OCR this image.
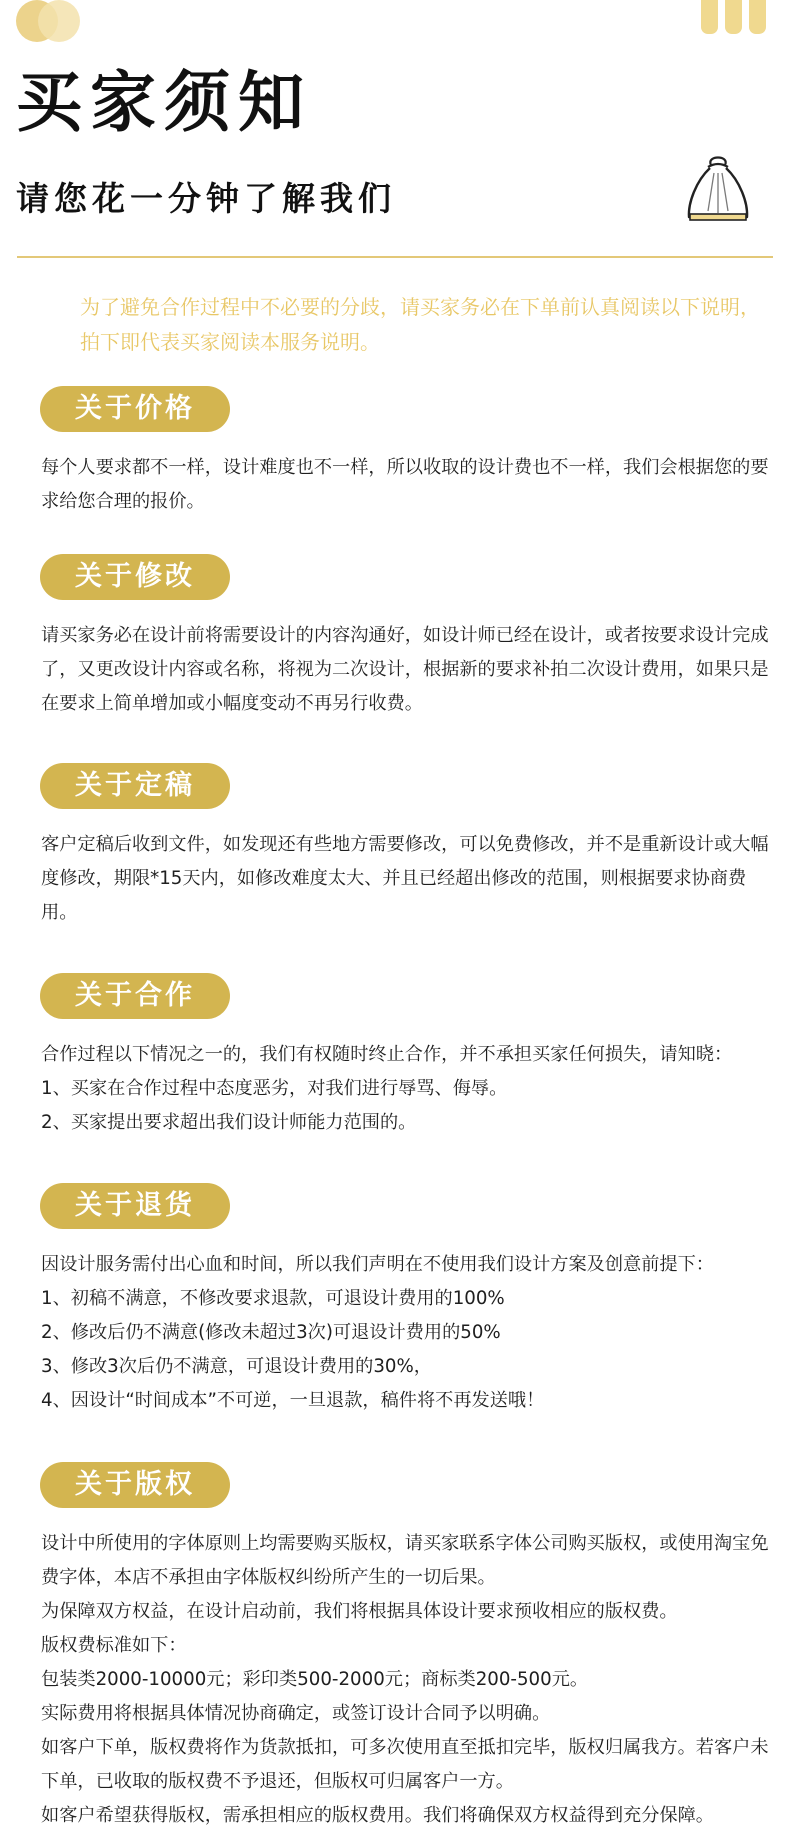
买家须知
请您花一分钟了解我们

为了避免合作过程中不必要的分歧，请买家务必在下单前认真阅读以下说明，拍下即代表买家阅读本服务说明。

关于价格

每个人要求都不一样，设计难度也不一样，所以收取的设计费也不一样，我们会根据您的要求给您合理的报价。

关于修改

请买家务必在设计前将需要设计的内容沟通好，如设计师已经在设计，或者按要求设计完成了，又更改设计内容或名称，将视为二次设计，根据新的要求补拍二次设计费用，如果只是在要求上简单增加或小幅度变动不再另行收费。

关于定稿

客户定稿后收到文件，如发现还有些地方需要修改，可以免费修改，并不是重新设计或大幅度修改，期限*15天内，如修改难度太大、并且已经超出修改的范围，则根据要求协商费用。

关于合作

合作过程以下情况之一的，我们有权随时终止合作，并不承担买家任何损失，请知晓：

1、买家在合作过程中态度恶劣，对我们进行辱骂、侮辱。

2、买家提出要求超出我们设计师能力范围的。

关于退货

因设计服务需付出心血和时间，所以我们声明在不使用我们设计方案及创意前提下：

1、初稿不满意，不修改要求退款，可退设计费用的100%

2、修改后仍不满意(修改未超过3次)可退设计费用的50%

3、修改3次后仍不满意，可退设计费用的30%，

4、因设计“时间成本”不可逆，一旦退款，稿件将不再发送哦！

关于版权

设计中所使用的字体原则上均需要购买版权，请买家联系字体公司购买版权，或使用淘宝免费字体，本店不承担由字体版权纠纷所产生的一切后果。

为保障双方权益，在设计启动前，我们将根据具体设计要求预收相应的版权费。

版权费标准如下：

包装类2000-10000元；彩印类500-2000元；商标类200-500元。

实际费用将根据具体情况协商确定，或签订设计合同予以明确。

如客户下单，版权费将作为货款抵扣，可多次使用直至抵扣完毕，版权归属我方。若客户未下单，已收取的版权费不予退还，但版权可归属客户一方。

如客户希望获得版权，需承担相应的版权费用。我们将确保双方权益得到充分保障。
